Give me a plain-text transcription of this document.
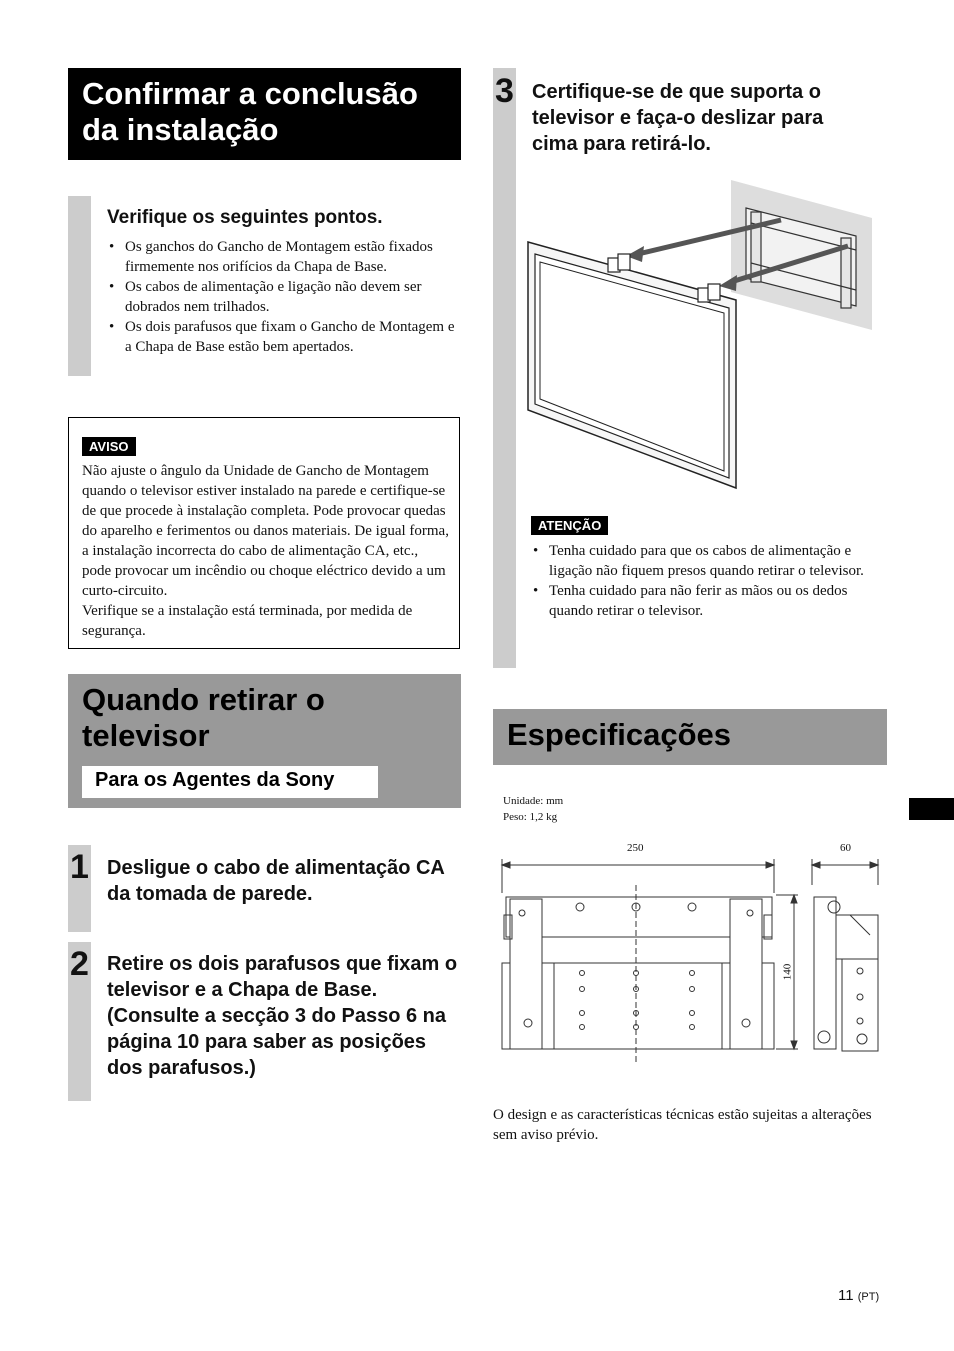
Confirmar a conclusão
da instalação
Verifique os seguintes pontos.
• Os ganchos do Gancho de Montagem estão fixados firmemente nos orifícios da Chapa de Base.
• Os cabos de alimentação e ligação não devem ser dobrados nem trilhados.
• Os dois parafusos que fixam o Gancho de Montagem e a Chapa de Base estão bem apertados.
AVISO
Não ajuste o ângulo da Unidade de Gancho de Montagem quando o televisor estiver instalado na parede e certifique-se de que procede à instalação completa. Pode provocar quedas do aparelho e ferimentos ou danos materiais. De igual forma, a instalação incorrecta do cabo de alimentação CA, etc., pode provocar um incêndio ou choque eléctrico devido a um curto-circuito.
Verifique se a instalação está terminada, por medida de segurança.
Quando retirar o
televisor
Para os Agentes da Sony
1 Desligue o cabo de alimentação CA da tomada de parede.
2 Retire os dois parafusos que fixam o televisor e a Chapa de Base. (Consulte a secção 3 do Passo 6 na página 10 para saber as posições dos parafusos.)
3 Certifique-se de que suporta o televisor e faça-o deslizar para cima para retirá-lo.
ATENÇÃO
• Tenha cuidado para que os cabos de alimentação e ligação não fiquem presos quando retirar o televisor.
• Tenha cuidado para não ferir as mãos ou os dedos quando retirar o televisor.
Especificações
Unidade: mm
Peso: 1,2 kg
250	60
140
O design e as características técnicas estão sujeitas a alterações sem aviso prévio.
11 (PT)
